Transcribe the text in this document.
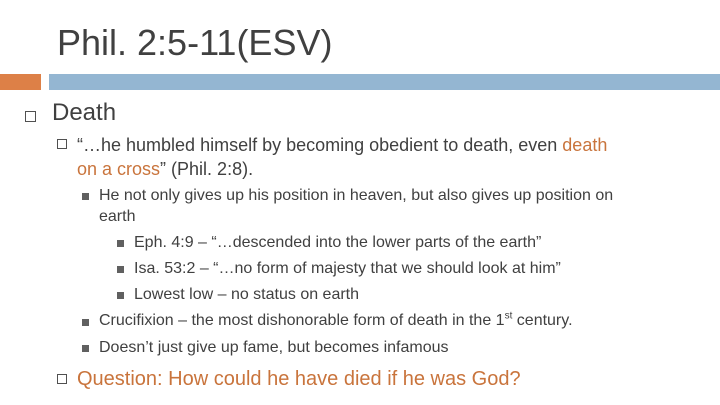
Phil. 2:5-11(ESV)
Death
“…he humbled himself by becoming obedient to death, even death
on a cross” (Phil. 2:8).
He not only gives up his position in heaven, but also gives up position on
earth
Eph. 4:9 – “…descended into the lower parts of the earth”
Isa. 53:2 – “…no form of majesty that we should look at him”
Lowest low – no status on earth
Crucifixion – the most dishonorable form of death in the 1st century.
Doesn’t just give up fame, but becomes infamous
Question: How could he have died if he was God?
